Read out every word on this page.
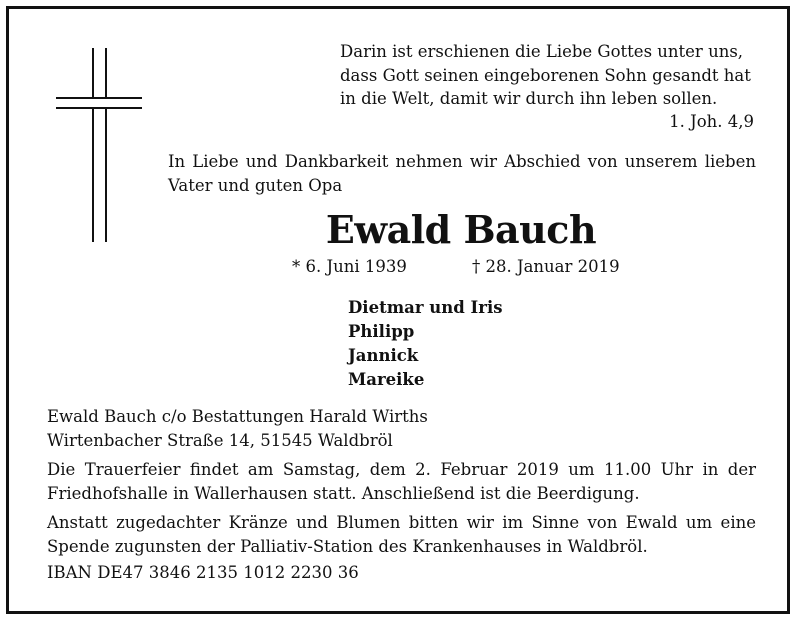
Darin ist erschienen die Liebe Gottes unter uns,
dass Gott seinen eingeborenen Sohn gesandt hat
in die Welt, damit wir durch ihn leben sollen.
1. Joh. 4,9
In Liebe und Dankbarkeit nehmen wir Abschied von unserem lieben Vater und guten Opa
Ewald Bauch
* 6. Juni 1939	† 28. Januar 2019
Dietmar und Iris
Philipp
Jannick
Mareike
Ewald Bauch c/o Bestattungen Harald Wirths
Wirtenbacher Straße 14, 51545 Waldbröl
Die Trauerfeier findet am Samstag, dem 2. Februar 2019 um 11.00 Uhr in der Friedhofshalle in Wallerhausen statt. Anschließend ist die Beerdigung.
Anstatt zugedachter Kränze und Blumen bitten wir im Sinne von Ewald um eine Spende zugunsten der Palliativ-Station des Krankenhauses in Waldbröl.
IBAN DE47 3846 2135 1012 2230 36
